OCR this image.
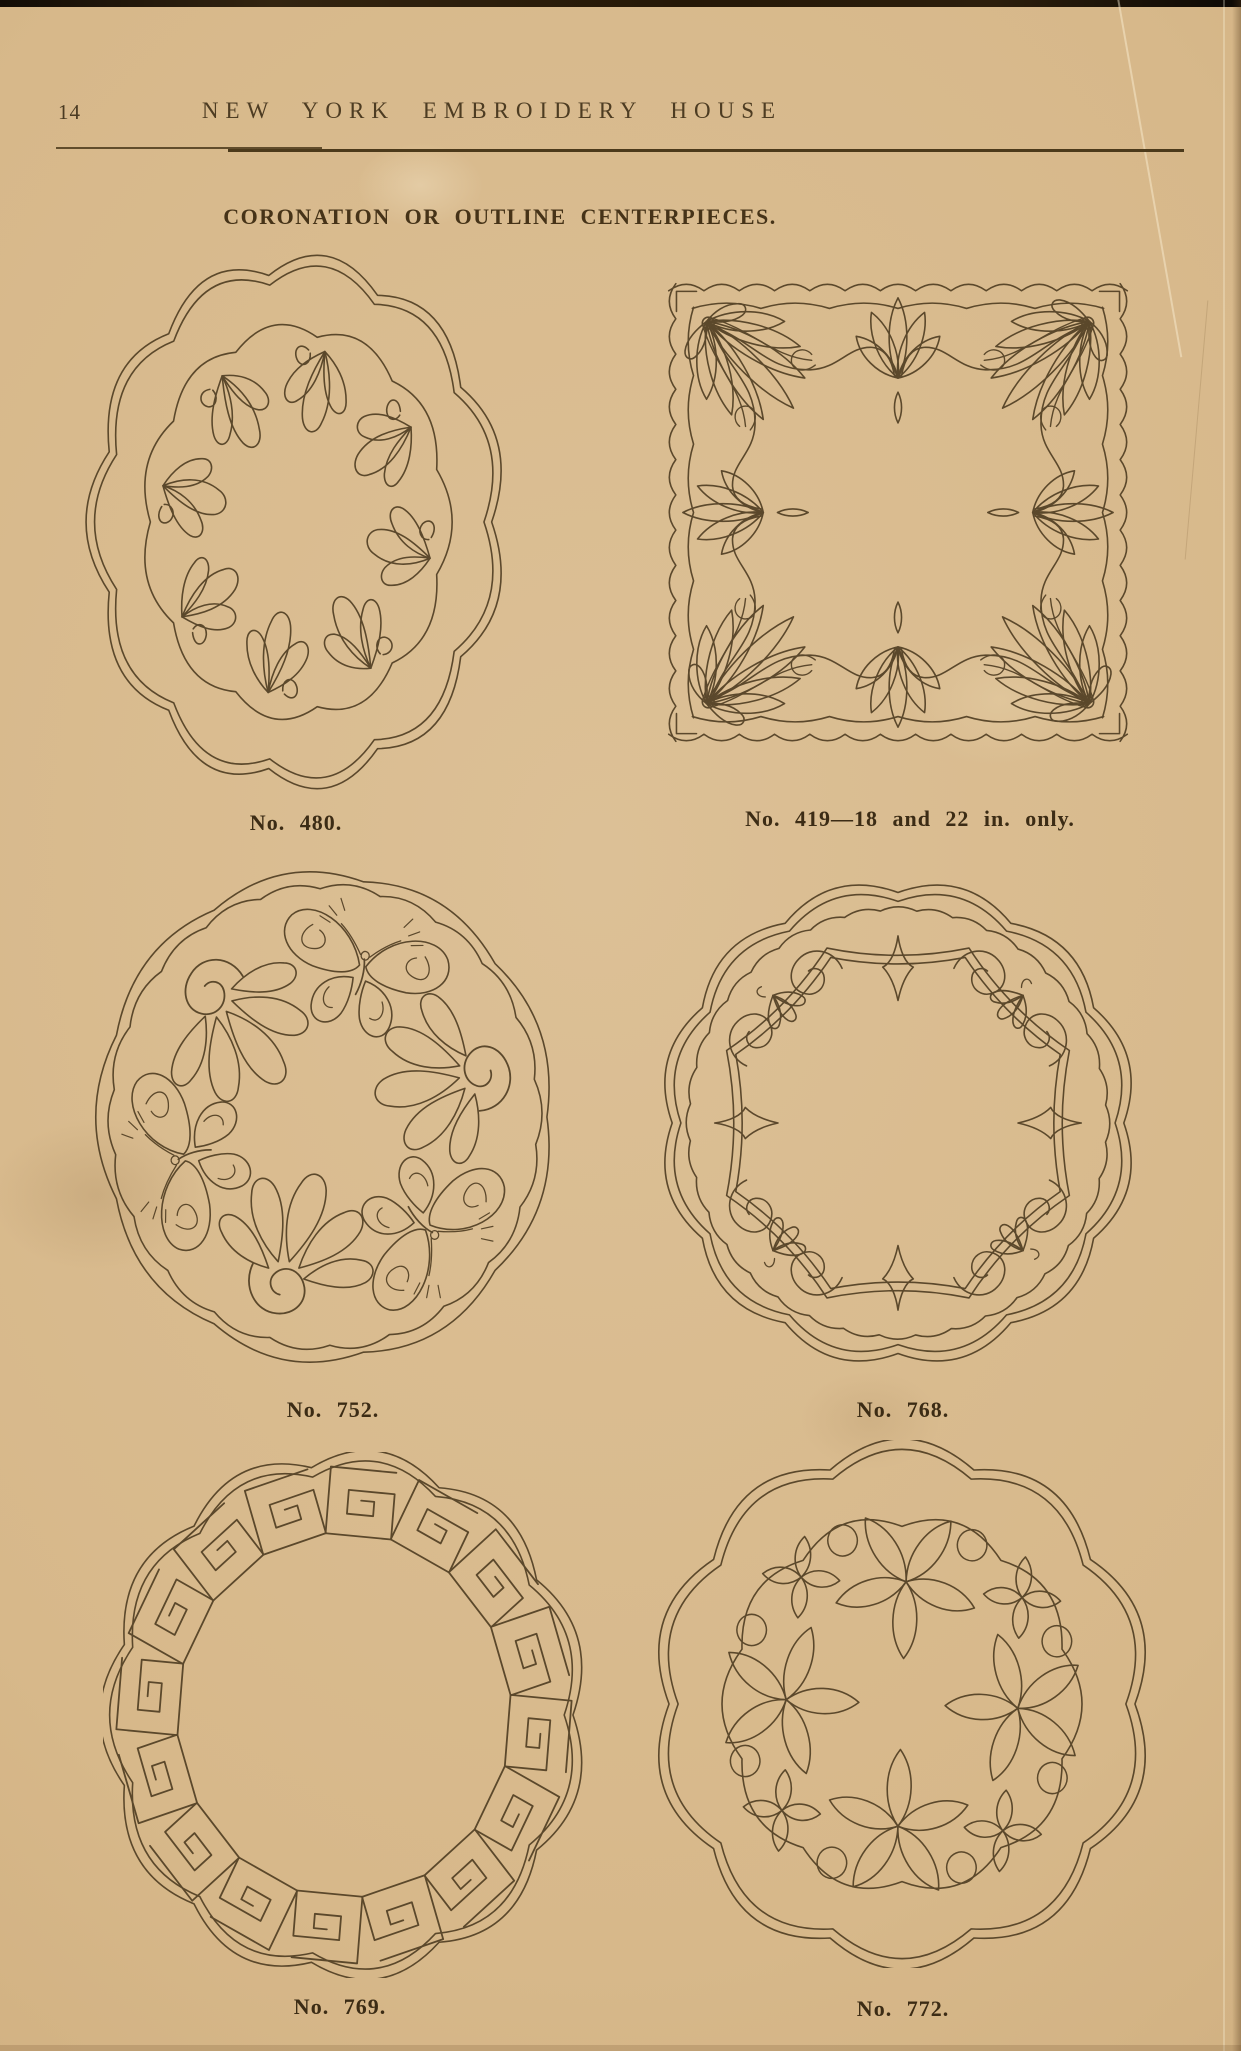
14	NEW YORK EMBROIDERY HOUSE
CORONATION OR OUTLINE CENTERPIECES.
No. 480.	No. 419—18 and 22 in. only.
No. 752.	No. 768.
No. 769.	No. 772.
